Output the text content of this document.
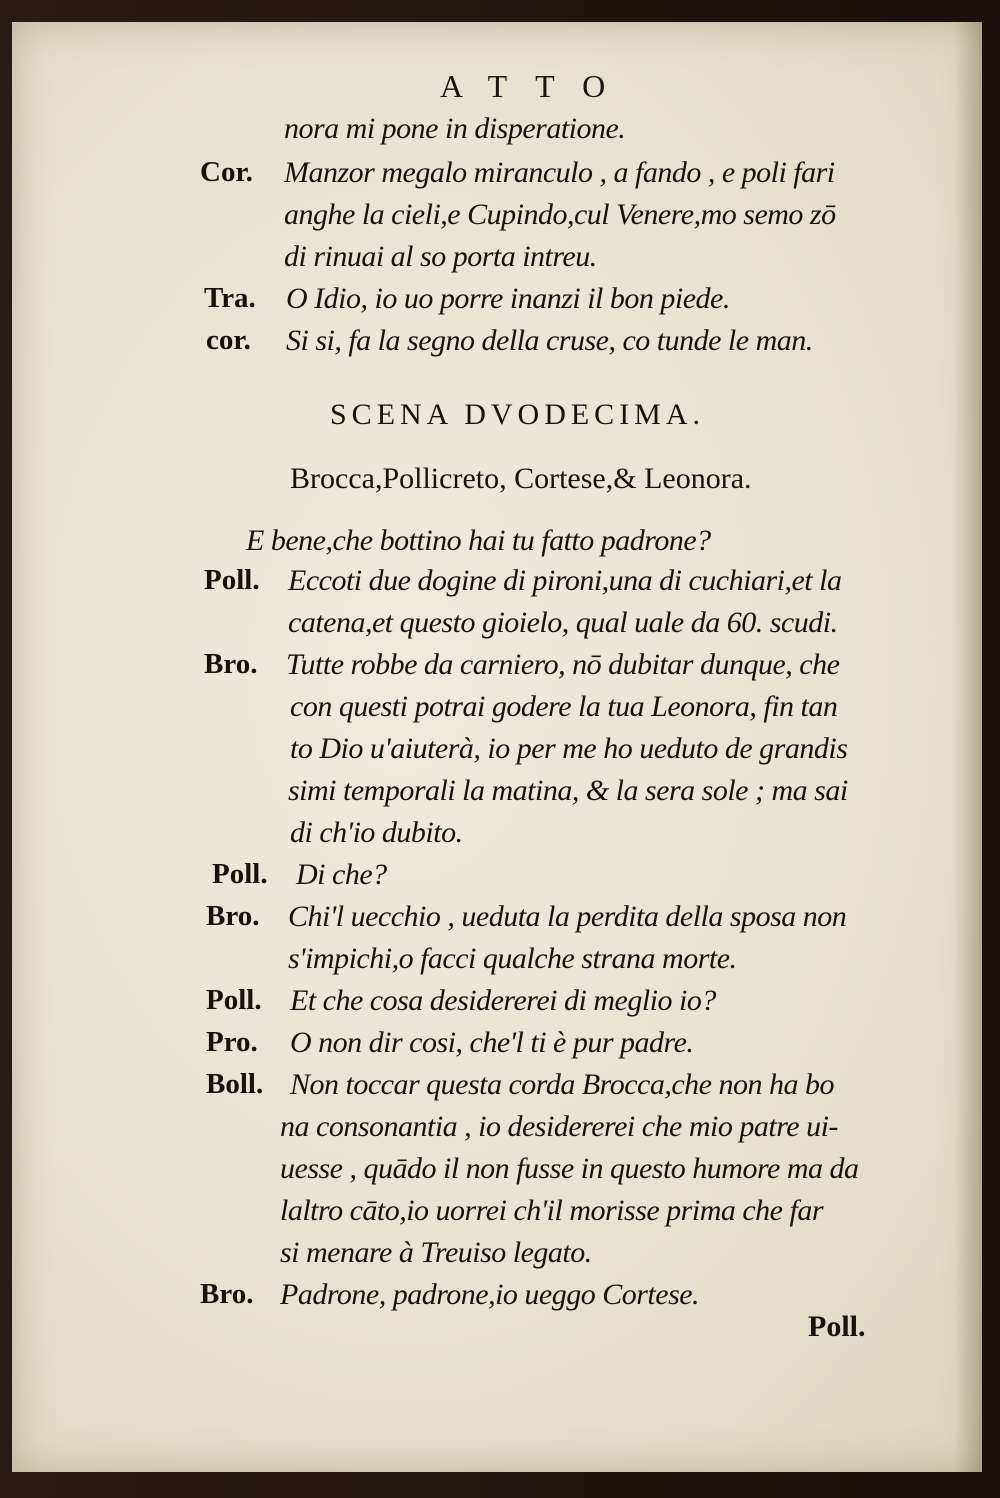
ATTO
nora mi pone in disperatione.
Cor.	Manzor megalo miranculo , a fando , e poli fari
anghe la cieli,e Cupindo,cul Venere,mo semo zō
di rinuai al so porta intreu.
Tra.	O Idio, io uo porre inanzi il bon piede.
cor.	Si si, fa la segno della cruse, co tunde le man.
SCENA DVODECIMA.
Brocca,Pollicreto, Cortese,& Leonora.
E bene,che bottino hai tu fatto padrone?
Poll. Eccoti due dogine di pironi,una di cuchiari,et la
catena,et questo gioielo, qual uale da 60. scudi.
Bro. Tutte robbe da carniero, nō dubitar dunque, che
con questi potrai godere la tua Leonora, fin tan
to Dio u'aiuterà, io per me ho ueduto de grandis
simi temporali la matina, & la sera sole ; ma sai
di ch'io dubito.
Poll. Di che?
Bro. Chi'l uecchio , ueduta la perdita della sposa non
s'impichi,o facci qualche strana morte.
Poll. Et che cosa desidererei di meglio io?
Pro.	O non dir cosi, che'l ti è pur padre.
Boll. Non toccar questa corda Brocca,che non ha bo
na consonantia , io desidererei che mio patre ui-
uesse , quādo il non fusse in questo humore ma da
laltro cāto,io uorrei ch'il morisse prima che far
si menare à Treuiso legato.
Bro. Padrone, padrone,io ueggo Cortese.
Poll.
